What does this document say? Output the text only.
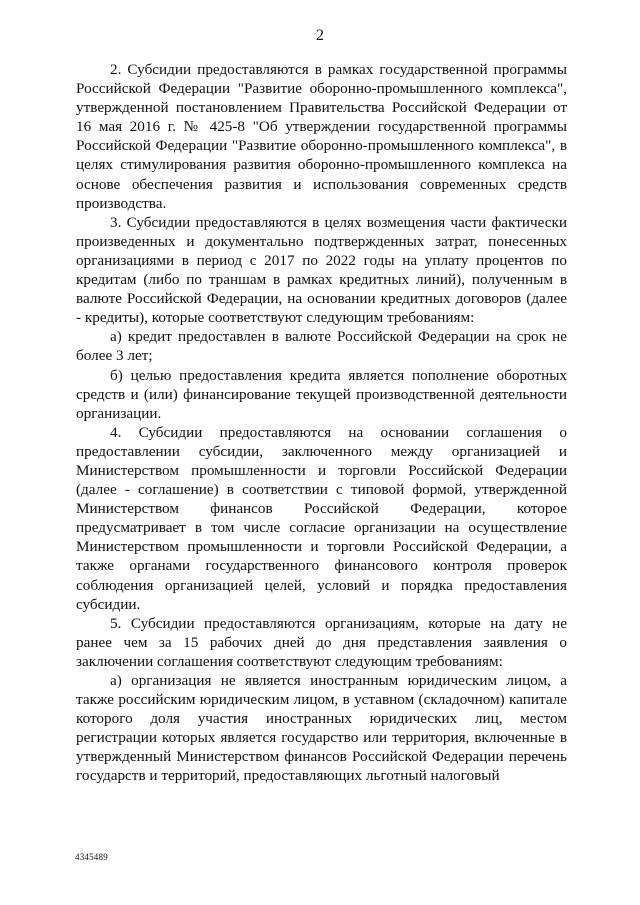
2

2. Субсидии предоставляются в рамках государственной программы Российской Федерации "Развитие оборонно-промышленного комплекса", утвержденной постановлением Правительства Российской Федерации от 16 мая 2016 г. № 425-8 "Об утверждении государственной программы Российской Федерации "Развитие оборонно-промышленного комплекса", в целях стимулирования развития оборонно-промышленного комплекса на основе обеспечения развития и использования современных средств производства.

3. Субсидии предоставляются в целях возмещения части фактически произведенных и документально подтвержденных затрат, понесенных организациями в период с 2017 по 2022 годы на уплату процентов по кредитам (либо по траншам в рамках кредитных линий), полученным в валюте Российской Федерации, на основании кредитных договоров (далее - кредиты), которые соответствуют следующим требованиям:

а) кредит предоставлен в валюте Российской Федерации на срок не более 3 лет;

б) целью предоставления кредита является пополнение оборотных средств и (или) финансирование текущей производственной деятельности организации.

4. Субсидии предоставляются на основании соглашения о предоставлении субсидии, заключенного между организацией и Министерством промышленности и торговли Российской Федерации (далее - соглашение) в соответствии с типовой формой, утвержденной Министерством финансов Российской Федерации, которое предусматривает в том числе согласие организации на осуществление Министерством промышленности и торговли Российской Федерации, а также органами государственного финансового контроля проверок соблюдения организацией целей, условий и порядка предоставления субсидии.

5. Субсидии предоставляются организациям, которые на дату не ранее чем за 15 рабочих дней до дня представления заявления о заключении соглашения соответствуют следующим требованиям:

а) организация не является иностранным юридическим лицом, а также российским юридическим лицом, в уставном (складочном) капитале которого доля участия иностранных юридических лиц, местом регистрации которых является государство или территория, включенные в утвержденный Министерством финансов Российской Федерации перечень государств и территорий, предоставляющих льготный налоговый

4345489
